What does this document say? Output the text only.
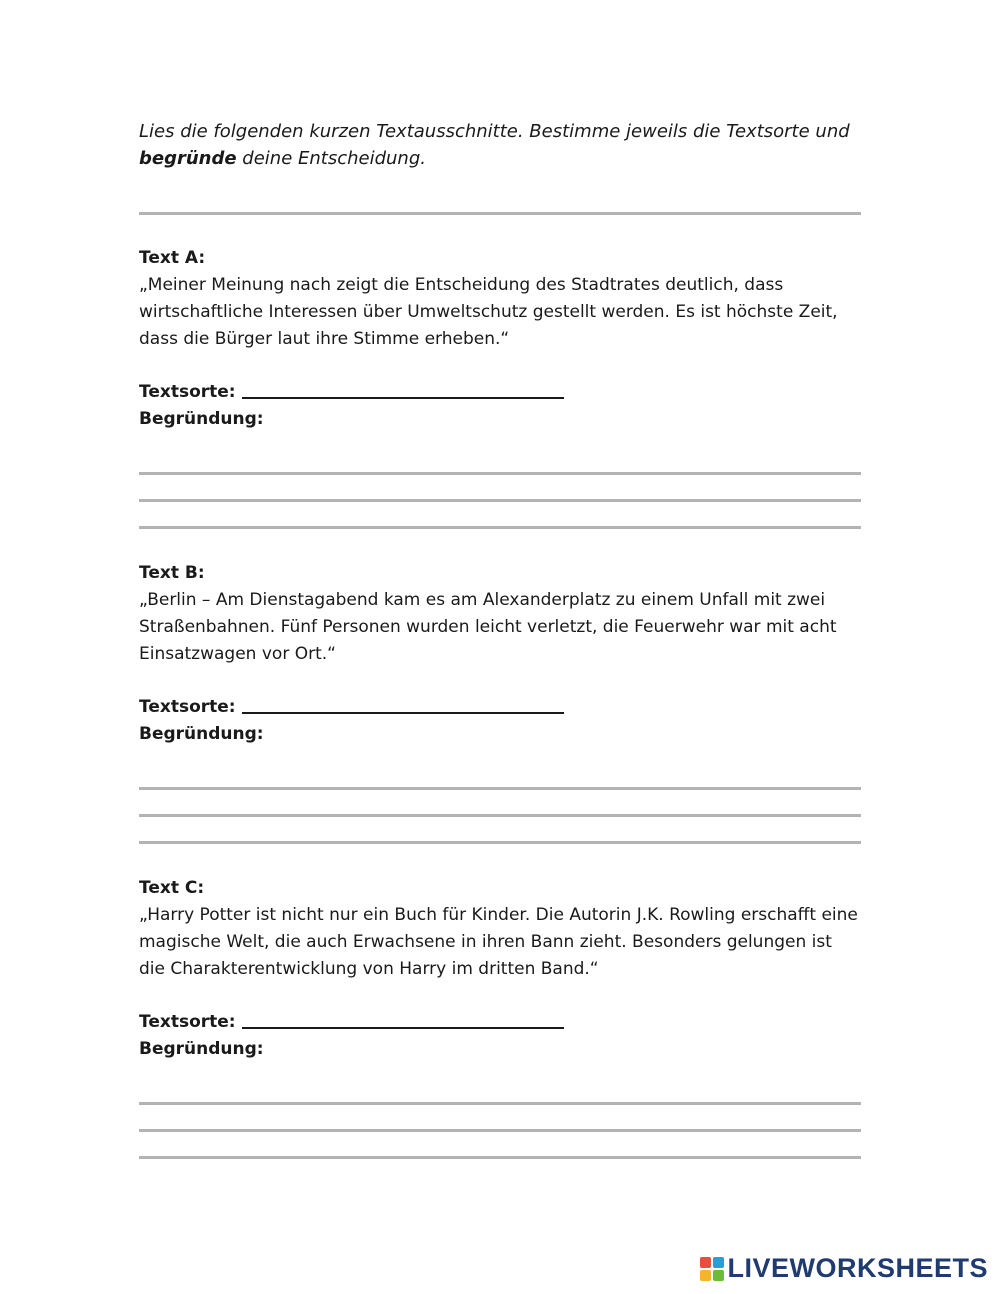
Lies die folgenden kurzen Textausschnitte. Bestimme jeweils die Textsorte und begründe deine Entscheidung.

Text A:

„Meiner Meinung nach zeigt die Entscheidung des Stadtrates deutlich, dass wirtschaftliche Interessen über Umweltschutz gestellt werden. Es ist höchste Zeit, dass die Bürger laut ihre Stimme erheben.“

Textsorte:

Begründung:

Text B:

„Berlin – Am Dienstagabend kam es am Alexanderplatz zu einem Unfall mit zwei Straßenbahnen. Fünf Personen wurden leicht verletzt, die Feuerwehr war mit acht Einsatzwagen vor Ort.“

Textsorte:

Begründung:

Text C:

„Harry Potter ist nicht nur ein Buch für Kinder. Die Autorin J.K. Rowling erschafft eine magische Welt, die auch Erwachsene in ihren Bann zieht. Besonders gelungen ist die Charakterentwicklung von Harry im dritten Band.“

Textsorte:

Begründung:

LIVEWORKSHEETS
